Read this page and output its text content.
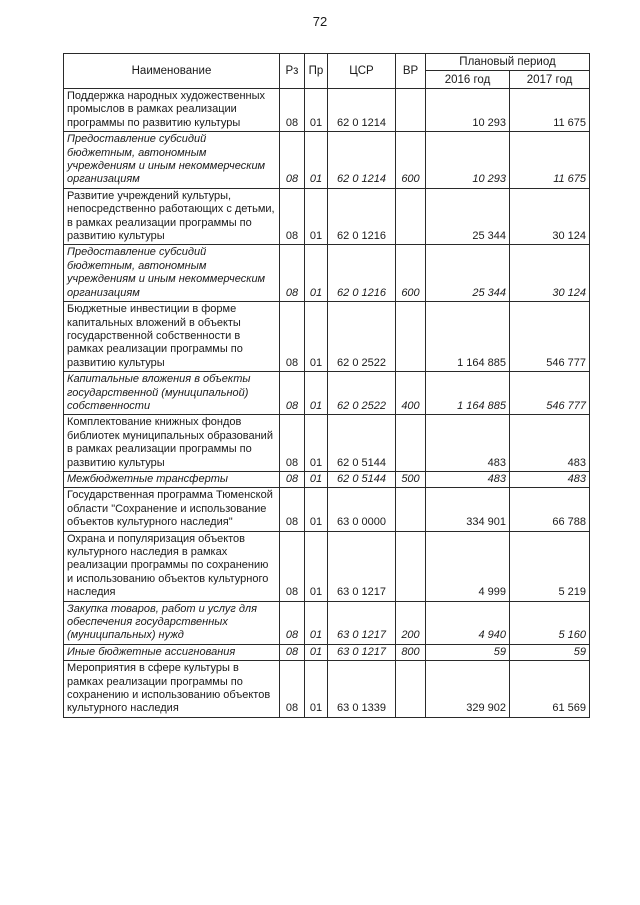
72
Наименование	Рз	Пр	ЦСР	ВР	Плановый период	
					2016 год	2017 год
Поддержка народных художественных промыслов в рамках реализации программы по развитию культуры	08	01	62 0 1214		10 293	11 675
Предоставление субсидий бюджетным, автономным учреждениям и иным некоммерческим организациям	08	01	62 0 1214	600	10 293	11 675
Развитие учреждений культуры, непосредственно работающих с детьми, в рамках реализации программы по развитию культуры	08	01	62 0 1216		25 344	30 124
Предоставление субсидий бюджетным, автономным учреждениям и иным некоммерческим организациям	08	01	62 0 1216	600	25 344	30 124
Бюджетные инвестиции в форме капитальных вложений в объекты государственной собственности в рамках реализации программы по развитию культуры	08	01	62 0 2522		1 164 885	546 777
Капитальные вложения в объекты государственной (муниципальной) собственности	08	01	62 0 2522	400	1 164 885	546 777
Комплектование книжных фондов библиотек муниципальных образований в рамках реализации программы по развитию культуры	08	01	62 0 5144		483	483
Межбюджетные трансферты	08	01	62 0 5144	500	483	483
Государственная программа Тюменской области "Сохранение и использование объектов культурного наследия"	08	01	63 0 0000		334 901	66 788
Охрана и популяризация объектов культурного наследия в рамках реализации программы по сохранению и использованию объектов культурного наследия	08	01	63 0 1217		4 999	5 219
Закупка товаров, работ и услуг для обеспечения государственных (муниципальных) нужд	08	01	63 0 1217	200	4 940	5 160
Иные бюджетные ассигнования	08	01	63 0 1217	800	59	59
Мероприятия в сфере культуры в рамках реализации программы по сохранению и использованию объектов культурного наследия	08	01	63 0 1339		329 902	61 569
